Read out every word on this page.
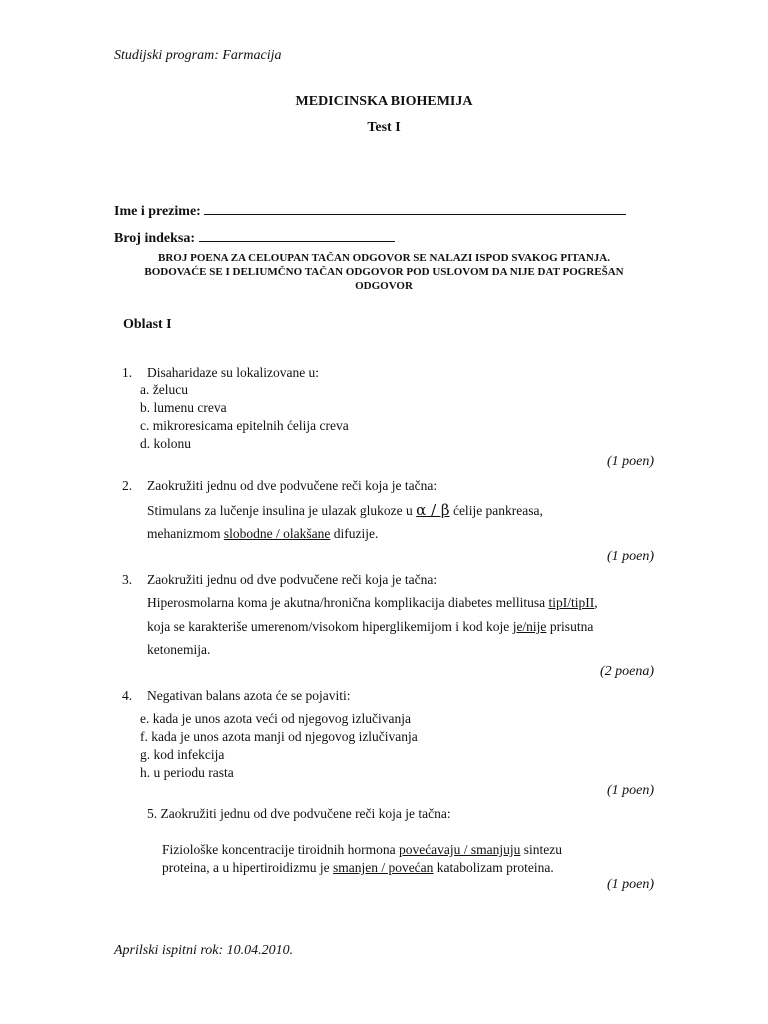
Studijski program: Farmacija
MEDICINSKA BIOHEMIJA
Test I
Ime i prezime:
Broj indeksa:
BROJ POENA ZA CELOUPAN TAČAN ODGOVOR SE NALAZI ISPOD SVAKOG PITANJA.
BODOVAĆE SE I DELIUMČNO TAČAN ODGOVOR POD USLOVOM DA NIJE DAT POGREŠAN
ODGOVOR
Oblast I
1. Disaharidaze su lokalizovane u:
a. želucu
b. lumenu creva
c. mikroresicama epitelnih ćelija creva
d. kolonu
(1 poen)
2. Zaokružiti jednu od dve podvučene reči koja je tačna:
Stimulans za lučenje insulina je ulazak glukoze u α / β ćelije pankreasa,
mehanizmom slobodne / olakšane difuzije.
(1 poen)
3. Zaokružiti jednu od dve podvučene reči koja je tačna:
Hiperosmolarna koma je akutna/hronična komplikacija diabetes mellitusa tipI/tipII,
koja se karakteriše umerenom/visokom hiperglikemijom i kod koje je/nije prisutna
ketonemija.
(2 poena)
4. Negativan balans azota će se pojaviti:
e. kada je unos azota veći od njegovog izlučivanja
f. kada je unos azota manji od njegovog izlučivanja
g. kod infekcija
h. u periodu rasta
(1 poen)
5. Zaokružiti jednu od dve podvučene reči koja je tačna:
Fiziološke koncentracije tiroidnih hormona povećavaju / smanjuju sintezu
proteina, a u hipertiroidizmu je smanjen / povećan katabolizam proteina.
(1 poen)
Aprilski ispitni rok: 10.04.2010.
